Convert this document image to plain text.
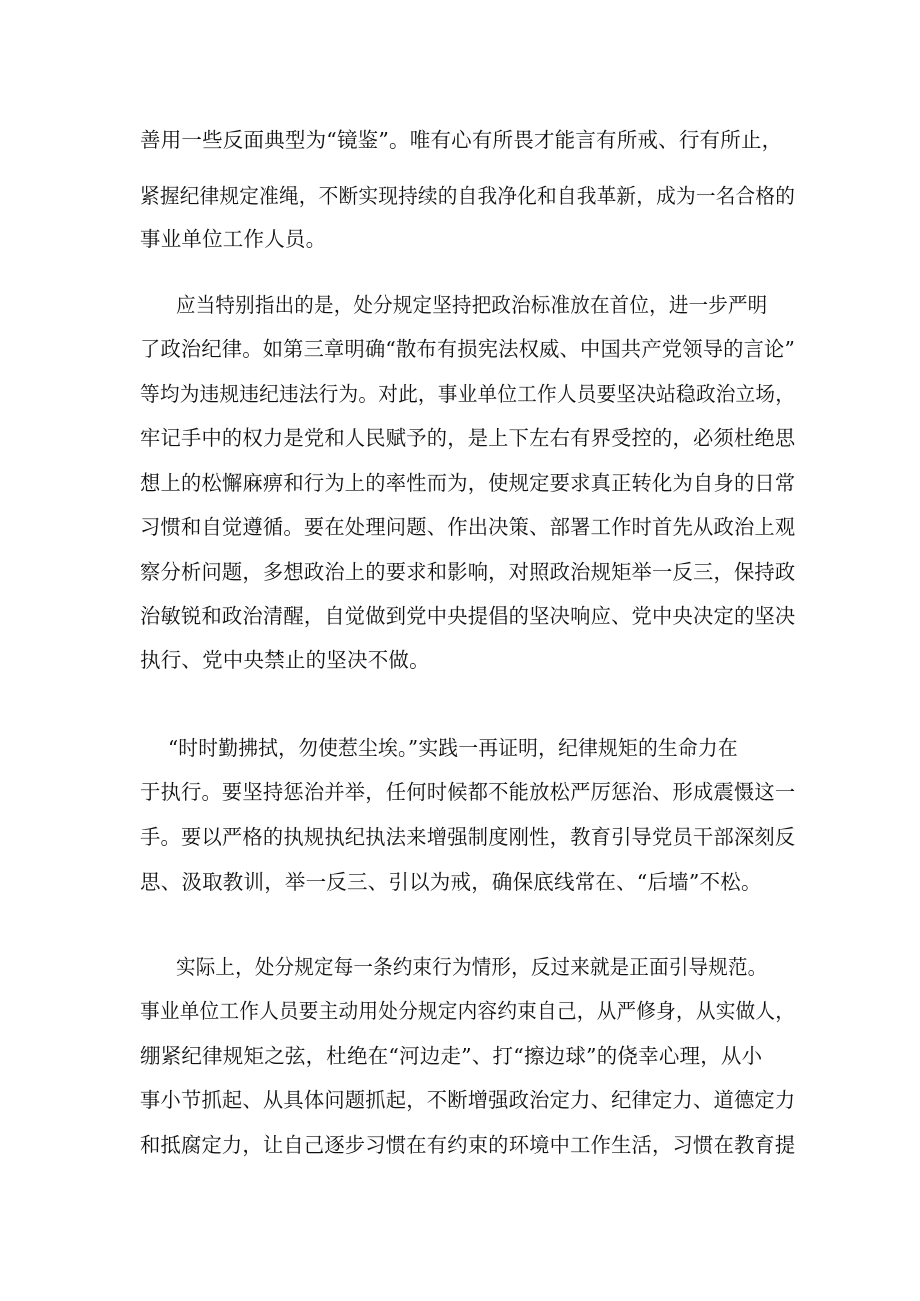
善用一些反面典型为“镜鉴”。唯有心有所畏才能言有所戒、行有所止，
紧握纪律规定准绳，不断实现持续的自我净化和自我革新，成为一名合格的
事业单位工作人员。
应当特别指出的是，处分规定坚持把政治标准放在首位，进一步严明
了政治纪律。如第三章明确“散布有损宪法权威、中国共产党领导的言论”
等均为违规违纪违法行为。对此，事业单位工作人员要坚决站稳政治立场，
牢记手中的权力是党和人民赋予的，是上下左右有界受控的，必须杜绝思
想上的松懈麻痹和行为上的率性而为，使规定要求真正转化为自身的日常
习惯和自觉遵循。要在处理问题、作出决策、部署工作时首先从政治上观
察分析问题，多想政治上的要求和影响，对照政治规矩举一反三，保持政
治敏锐和政治清醒，自觉做到党中央提倡的坚决响应、党中央决定的坚决
执行、党中央禁止的坚决不做。
“时时勤拂拭，勿使惹尘埃。”实践一再证明，纪律规矩的生命力在
于执行。要坚持惩治并举，任何时候都不能放松严厉惩治、形成震慑这一
手。要以严格的执规执纪执法来增强制度刚性，教育引导党员干部深刻反
思、汲取教训，举一反三、引以为戒，确保底线常在、“后墙”不松。
实际上，处分规定每一条约束行为情形，反过来就是正面引导规范。
事业单位工作人员要主动用处分规定内容约束自己，从严修身，从实做人，
绷紧纪律规矩之弦，杜绝在“河边走”、打“擦边球”的侥幸心理，从小
事小节抓起、从具体问题抓起，不断增强政治定力、纪律定力、道德定力
和抵腐定力，让自己逐步习惯在有约束的环境中工作生活，习惯在教育提
